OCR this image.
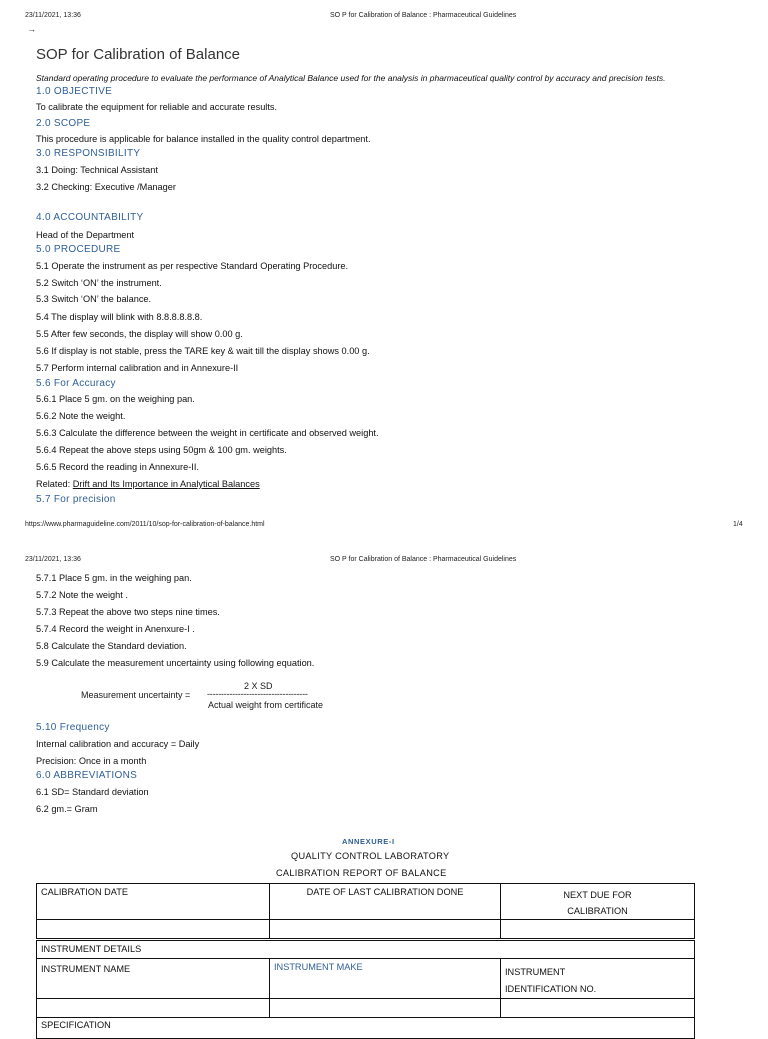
23/11/2021, 13:36	SO P for Calibration of Balance : Pharmaceutical Guidelines
→
SOP for Calibration of Balance
Standard operating procedure to evaluate the performance of Analytical Balance used for the analysis in pharmaceutical quality control by accuracy and precision tests.
1.0 OBJECTIVE
To calibrate the equipment for reliable and accurate results.
2.0 SCOPE
This procedure is applicable for balance installed in the quality control department.
3.0 RESPONSIBILITY
3.1 Doing: Technical Assistant
3.2 Checking: Executive /Manager
4.0 ACCOUNTABILITY
Head of the Department
5.0 PROCEDURE
5.1 Operate the instrument as per respective Standard Operating Procedure.
5.2 Switch ‘ON’ the instrument.
5.3 Switch ‘ON’ the balance.
5.4 The display will blink with 8.8.8.8.8.8.
5.5 After few seconds, the display will show 0.00 g.
5.6 If display is not stable, press the TARE key & wait till the display shows 0.00 g.
5.7 Perform internal calibration and in Annexure-II
5.6 For Accuracy
5.6.1 Place 5 gm. on the weighing pan.
5.6.2 Note the weight.
5.6.3 Calculate the difference between the weight in certificate and observed weight.
5.6.4 Repeat the above steps using 50gm & 100 gm. weights.
5.6.5 Record the reading in Annexure-II.
Related: Drift and Its Importance in Analytical Balances
5.7 For precision
https://www.pharmaguideline.com/2011/10/sop-for-calibration-of-balance.html	1/4
23/11/2021, 13:36	SO P for Calibration of Balance : Pharmaceutical Guidelines
5.7.1 Place 5 gm. in the weighing pan.
5.7.2 Note the weight .
5.7.3 Repeat the above two steps nine times.
5.7.4 Record the weight in Anenxure-I .
5.8 Calculate the Standard deviation.
5.9 Calculate the measurement uncertainty using following equation.
2 X SD
Measurement uncertainty = ------------------------------------
Actual weight from certificate
5.10 Frequency
Internal calibration and accuracy = Daily
Precision: Once in a month
6.0 ABBREVIATIONS
6.1 SD= Standard deviation
6.2 gm.= Gram
ANNEXURE-I
QUALITY CONTROL LABORATORY
CALIBRATION REPORT OF BALANCE
CALIBRATION DATE	DATE OF LAST CALIBRATION DONE	NEXT DUE FOR
CALIBRATION

INSTRUMENT DETAILS		
INSTRUMENT NAME	INSTRUMENT MAKE	INSTRUMENT
IDENTIFICATION NO.

SPECIFICATION
